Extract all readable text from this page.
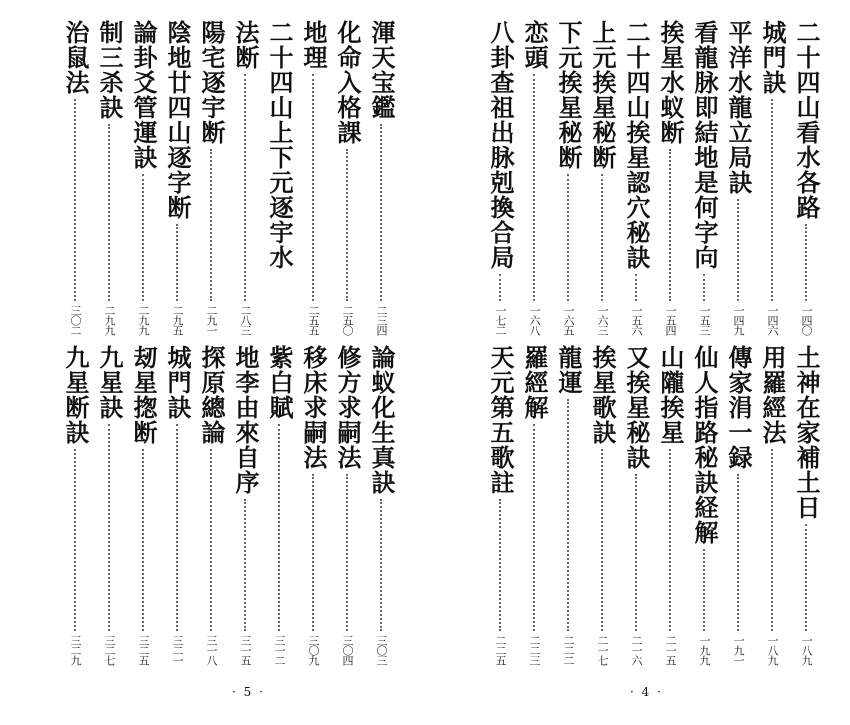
渾天宝鑑
二三四
化命入格課
二五〇
地理
二五五
二十四山上下元逐宇水
法断
二八三
陽宅逐宇断
二九一
陰地廿四山逐字断
二九五
論卦爻管運訣
二九九
制三杀訣
二九九
治鼠法
三〇二
論蚁化生真訣
三〇三
修方求嗣法
三〇四
移床求嗣法
三〇九
紫白賦
三一二
地李由來自序
三一五
探原總論
三一八
城門訣
三二一
刼星揔断
三二五
九星訣
三二七
九星断訣
三二九
· 5 ·
二十四山看水各路
一四〇
城門訣
一四六
平洋水龍立局訣
一四九
看龍脉即結地是何字向
一五三
挨星水蚁断
一五四
二十四山挨星認穴秘訣
一五六
上元挨星秘断
一六三
下元挨星秘断
一六五
恋頭
一六八
八卦查祖出脉剋換合局
一七二
土神在家補土日
一八九
用羅經法
一八九
傳家涓一録
一九一
仙人指路秘訣経解
一九九
山隴挨星
二一五
又挨星秘訣
二一六
挨星歌訣
二一七
龍運
二二二
羅經解
二二三
天元第五歌註
二二五
· 4 ·
